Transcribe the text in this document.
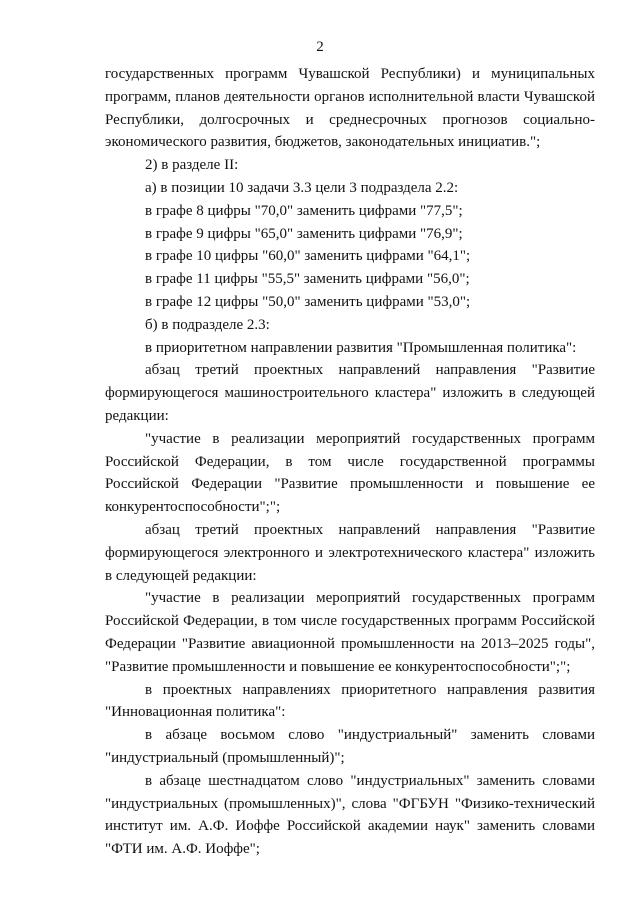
2

государственных программ Чувашской Республики) и муниципальных программ, планов деятельности органов исполнительной власти Чувашской Республики, долгосрочных и среднесрочных прогнозов социально-экономического развития, бюджетов, законодательных инициатив.";

2) в разделе II:

а) в позиции 10 задачи 3.3 цели 3 подраздела 2.2:

в графе 8 цифры "70,0" заменить цифрами "77,5";

в графе 9 цифры "65,0" заменить цифрами "76,9";

в графе 10 цифры "60,0" заменить цифрами "64,1";

в графе 11 цифры "55,5" заменить цифрами "56,0";

в графе 12 цифры "50,0" заменить цифрами "53,0";

б) в подразделе 2.3:

в приоритетном направлении развития "Промышленная политика":

абзац третий проектных направлений направления "Развитие формирующегося машиностроительного кластера" изложить в следующей редакции:

"участие в реализации мероприятий государственных программ Российской Федерации, в том числе государственной программы Российской Федерации "Развитие промышленности и повышение ее конкурентоспособности";";

абзац третий проектных направлений направления "Развитие формирующегося электронного и электротехнического кластера" изложить в следующей редакции:

"участие в реализации мероприятий государственных программ Российской Федерации, в том числе государственных программ Российской Федерации "Развитие авиационной промышленности на 2013–2025 годы", "Развитие промышленности и повышение ее конкурентоспособности";";

в проектных направлениях приоритетного направления развития "Инновационная политика":

в абзаце восьмом слово "индустриальный" заменить словами "индустриальный (промышленный)";

в абзаце шестнадцатом слово "индустриальных" заменить словами "индустриальных (промышленных)", слова "ФГБУН "Физико-технический институт им. А.Ф. Иоффе Российской академии наук" заменить словами "ФТИ им. А.Ф. Иоффе";
